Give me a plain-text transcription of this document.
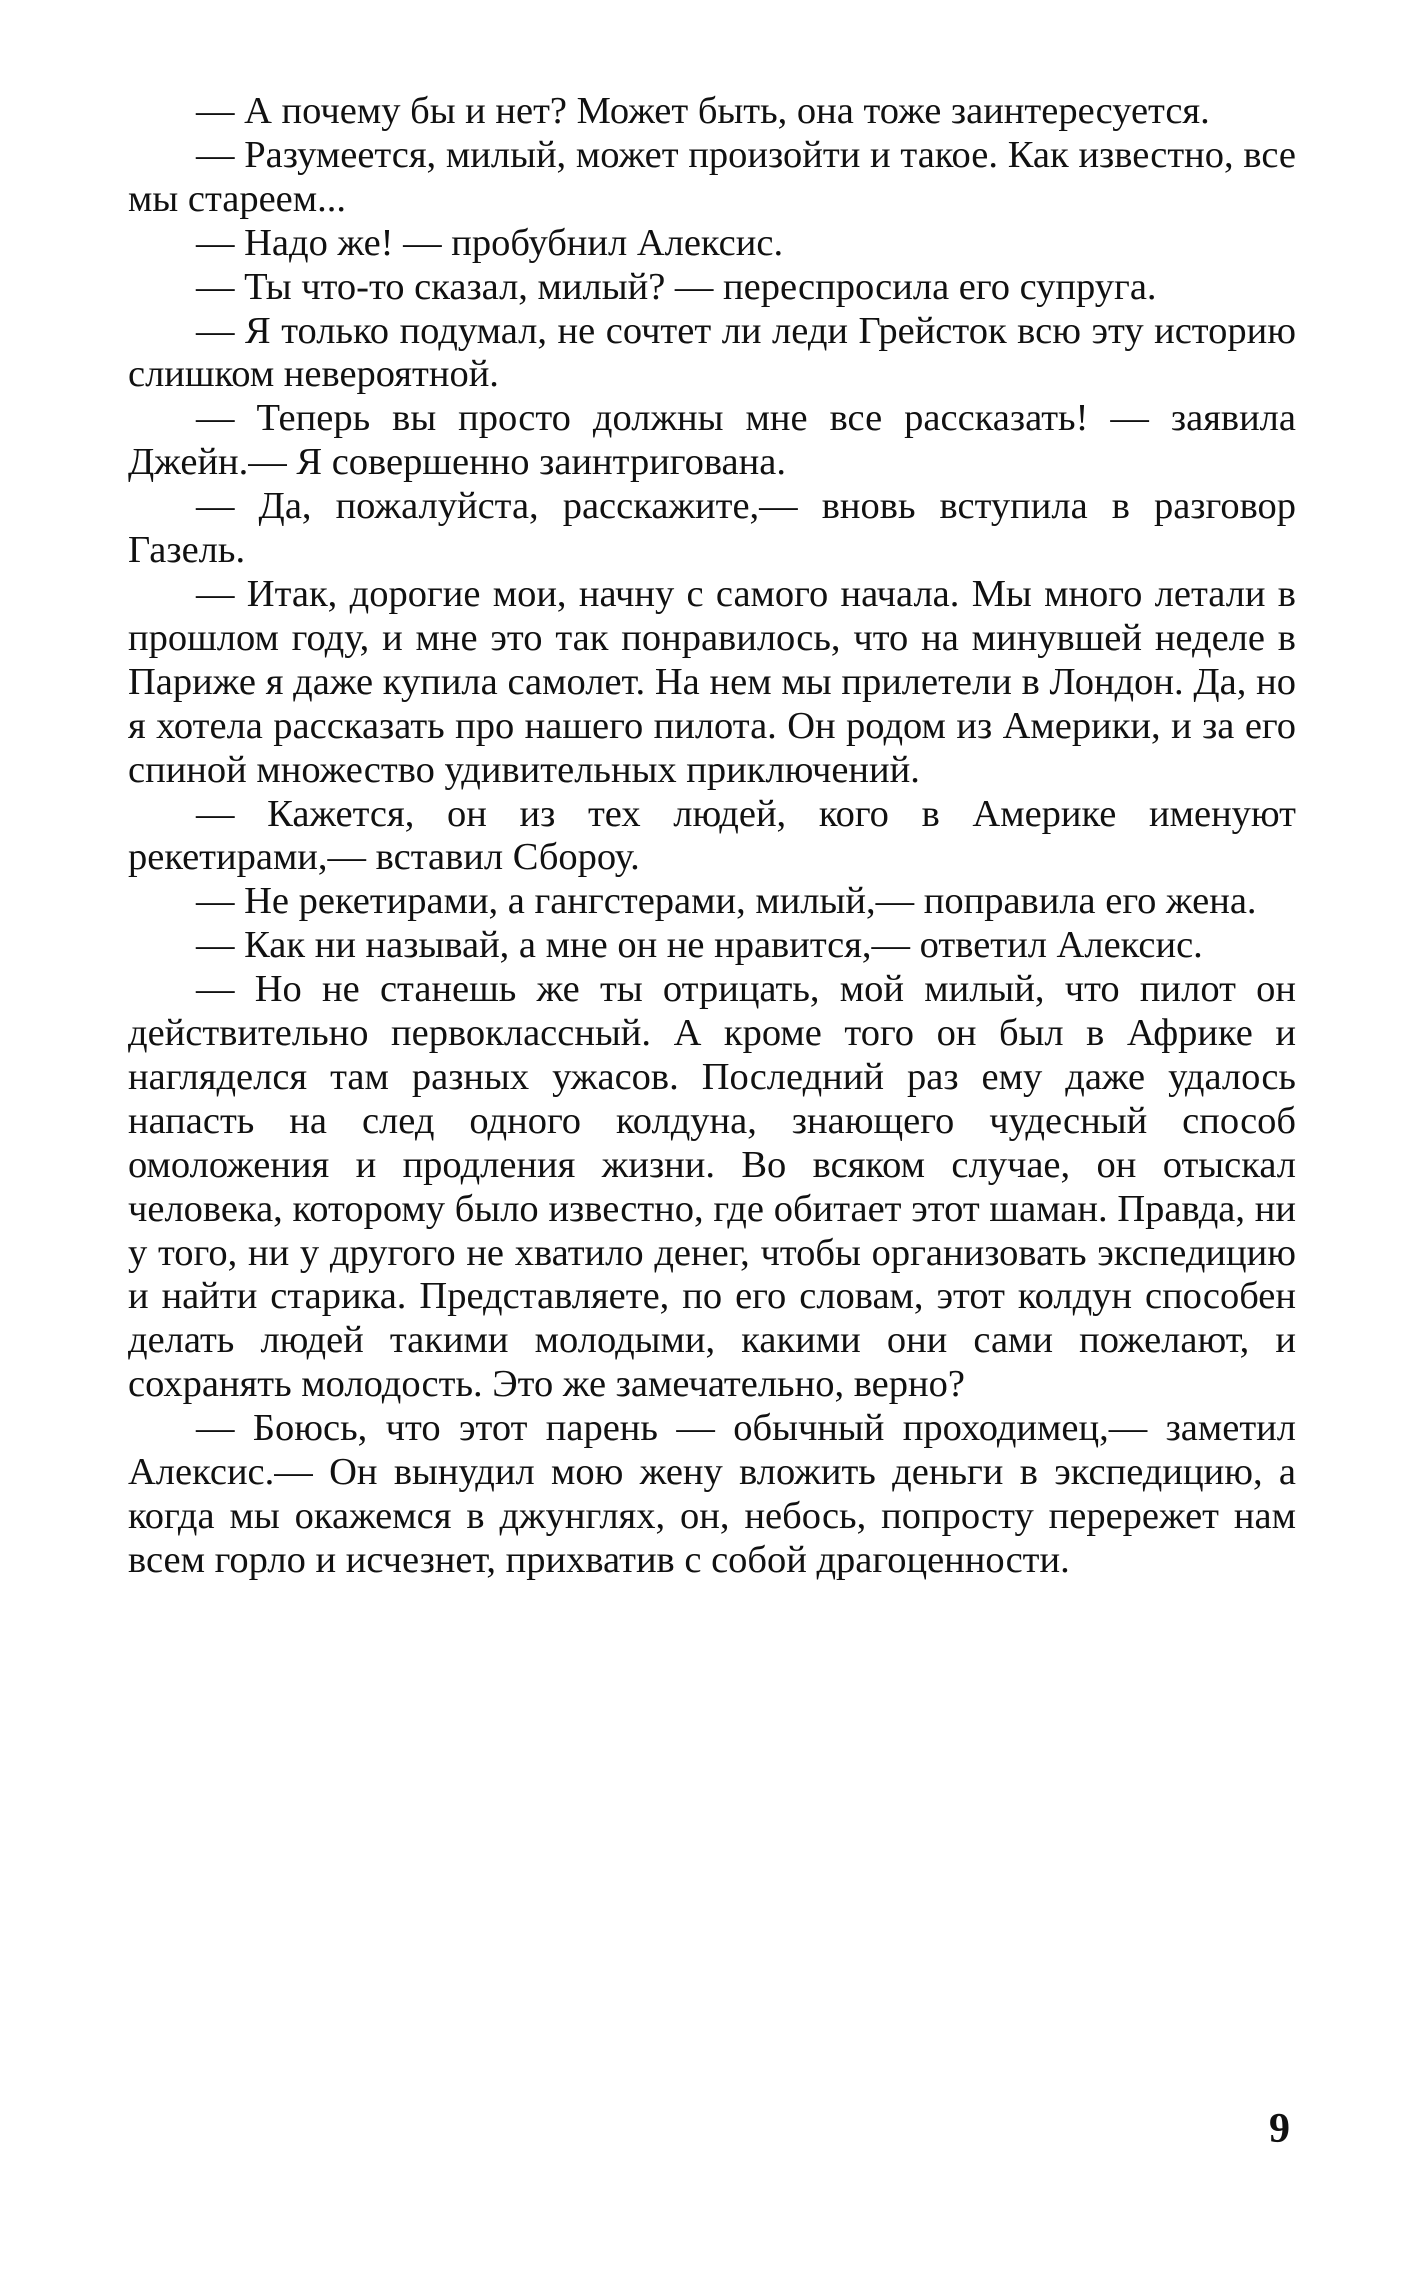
— А почему бы и нет? Может быть, она тоже заинтересуется.

— Разумеется, милый, может произойти и такое. Как известно, все мы стареем...

— Надо же! — пробубнил Алексис.

— Ты что-то сказал, милый? — переспросила его супруга.

— Я только подумал, не сочтет ли леди Грейсток всю эту историю слишком невероятной.

— Теперь вы просто должны мне все рассказать! — заявила Джейн.— Я совершенно заинтригована.

— Да, пожалуйста, расскажите,— вновь вступила в разговор Газель.

— Итак, дорогие мои, начну с самого начала. Мы много летали в прошлом году, и мне это так понравилось, что на минувшей неделе в Париже я даже купила самолет. На нем мы прилетели в Лондон. Да, но я хотела рассказать про нашего пилота. Он родом из Америки, и за его спиной множество удивительных приключений.

— Кажется, он из тех людей, кого в Америке именуют рекетирами,— вставил Сбороу.

— Не рекетирами, а гангстерами, милый,— поправила его жена.

— Как ни называй, а мне он не нравится,— ответил Алексис.

— Но не станешь же ты отрицать, мой милый, что пилот он действительно первоклассный. А кроме того он был в Африке и нагляделся там разных ужасов. Последний раз ему даже удалось напасть на след одного колдуна, знающего чудесный способ омоложения и продления жизни. Во всяком случае, он отыскал человека, которому было известно, где обитает этот шаман. Правда, ни у того, ни у другого не хватило денег, чтобы организовать экспедицию и найти старика. Представляете, по его словам, этот колдун способен делать людей такими молодыми, какими они сами пожелают, и сохранять молодость. Это же замечательно, верно?

— Боюсь, что этот парень — обычный проходимец,— заметил Алексис.— Он вынудил мою жену вложить деньги в экспедицию, а когда мы окажемся в джунглях, он, небось, попросту перережет нам всем горло и исчезнет, прихватив с собой драгоценности.

9
